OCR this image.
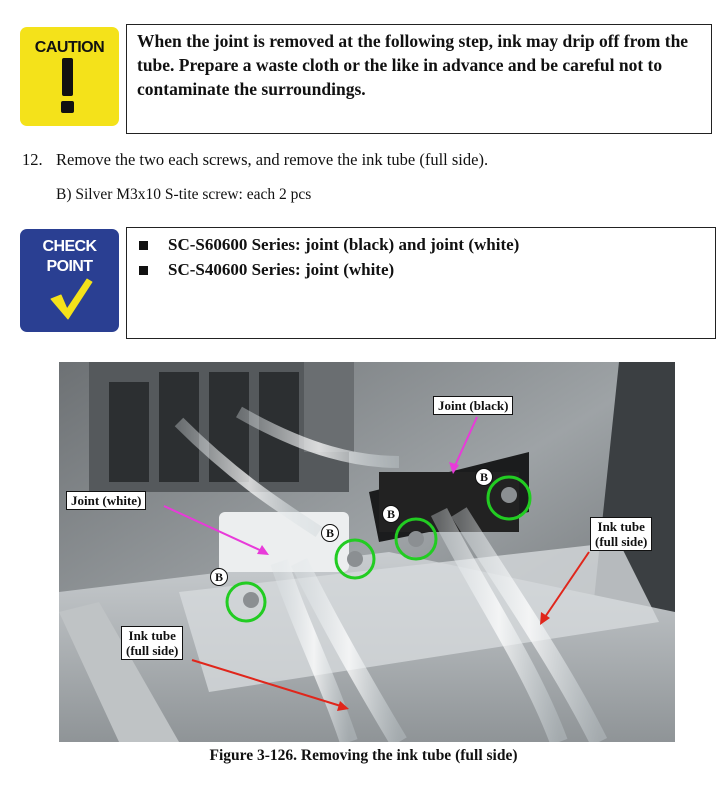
CAUTION	When the joint is removed at the following step, ink may drip off from the tube. Prepare a waste cloth or the like in advance and be careful not to contaminate the surroundings.
12. Remove the two each screws, and remove the ink tube (full side).
B) Silver M3x10 S-tite screw: each 2 pcs
CHECK
POINT
SC-S60600 Series: joint (black) and joint (white)
SC-S40600 Series: joint (white)
Joint (black)
Joint (white)
Ink tube
(full side)
Ink tube
(full side)
B
B
B
B
Figure 3-126. Removing the ink tube (full side)
